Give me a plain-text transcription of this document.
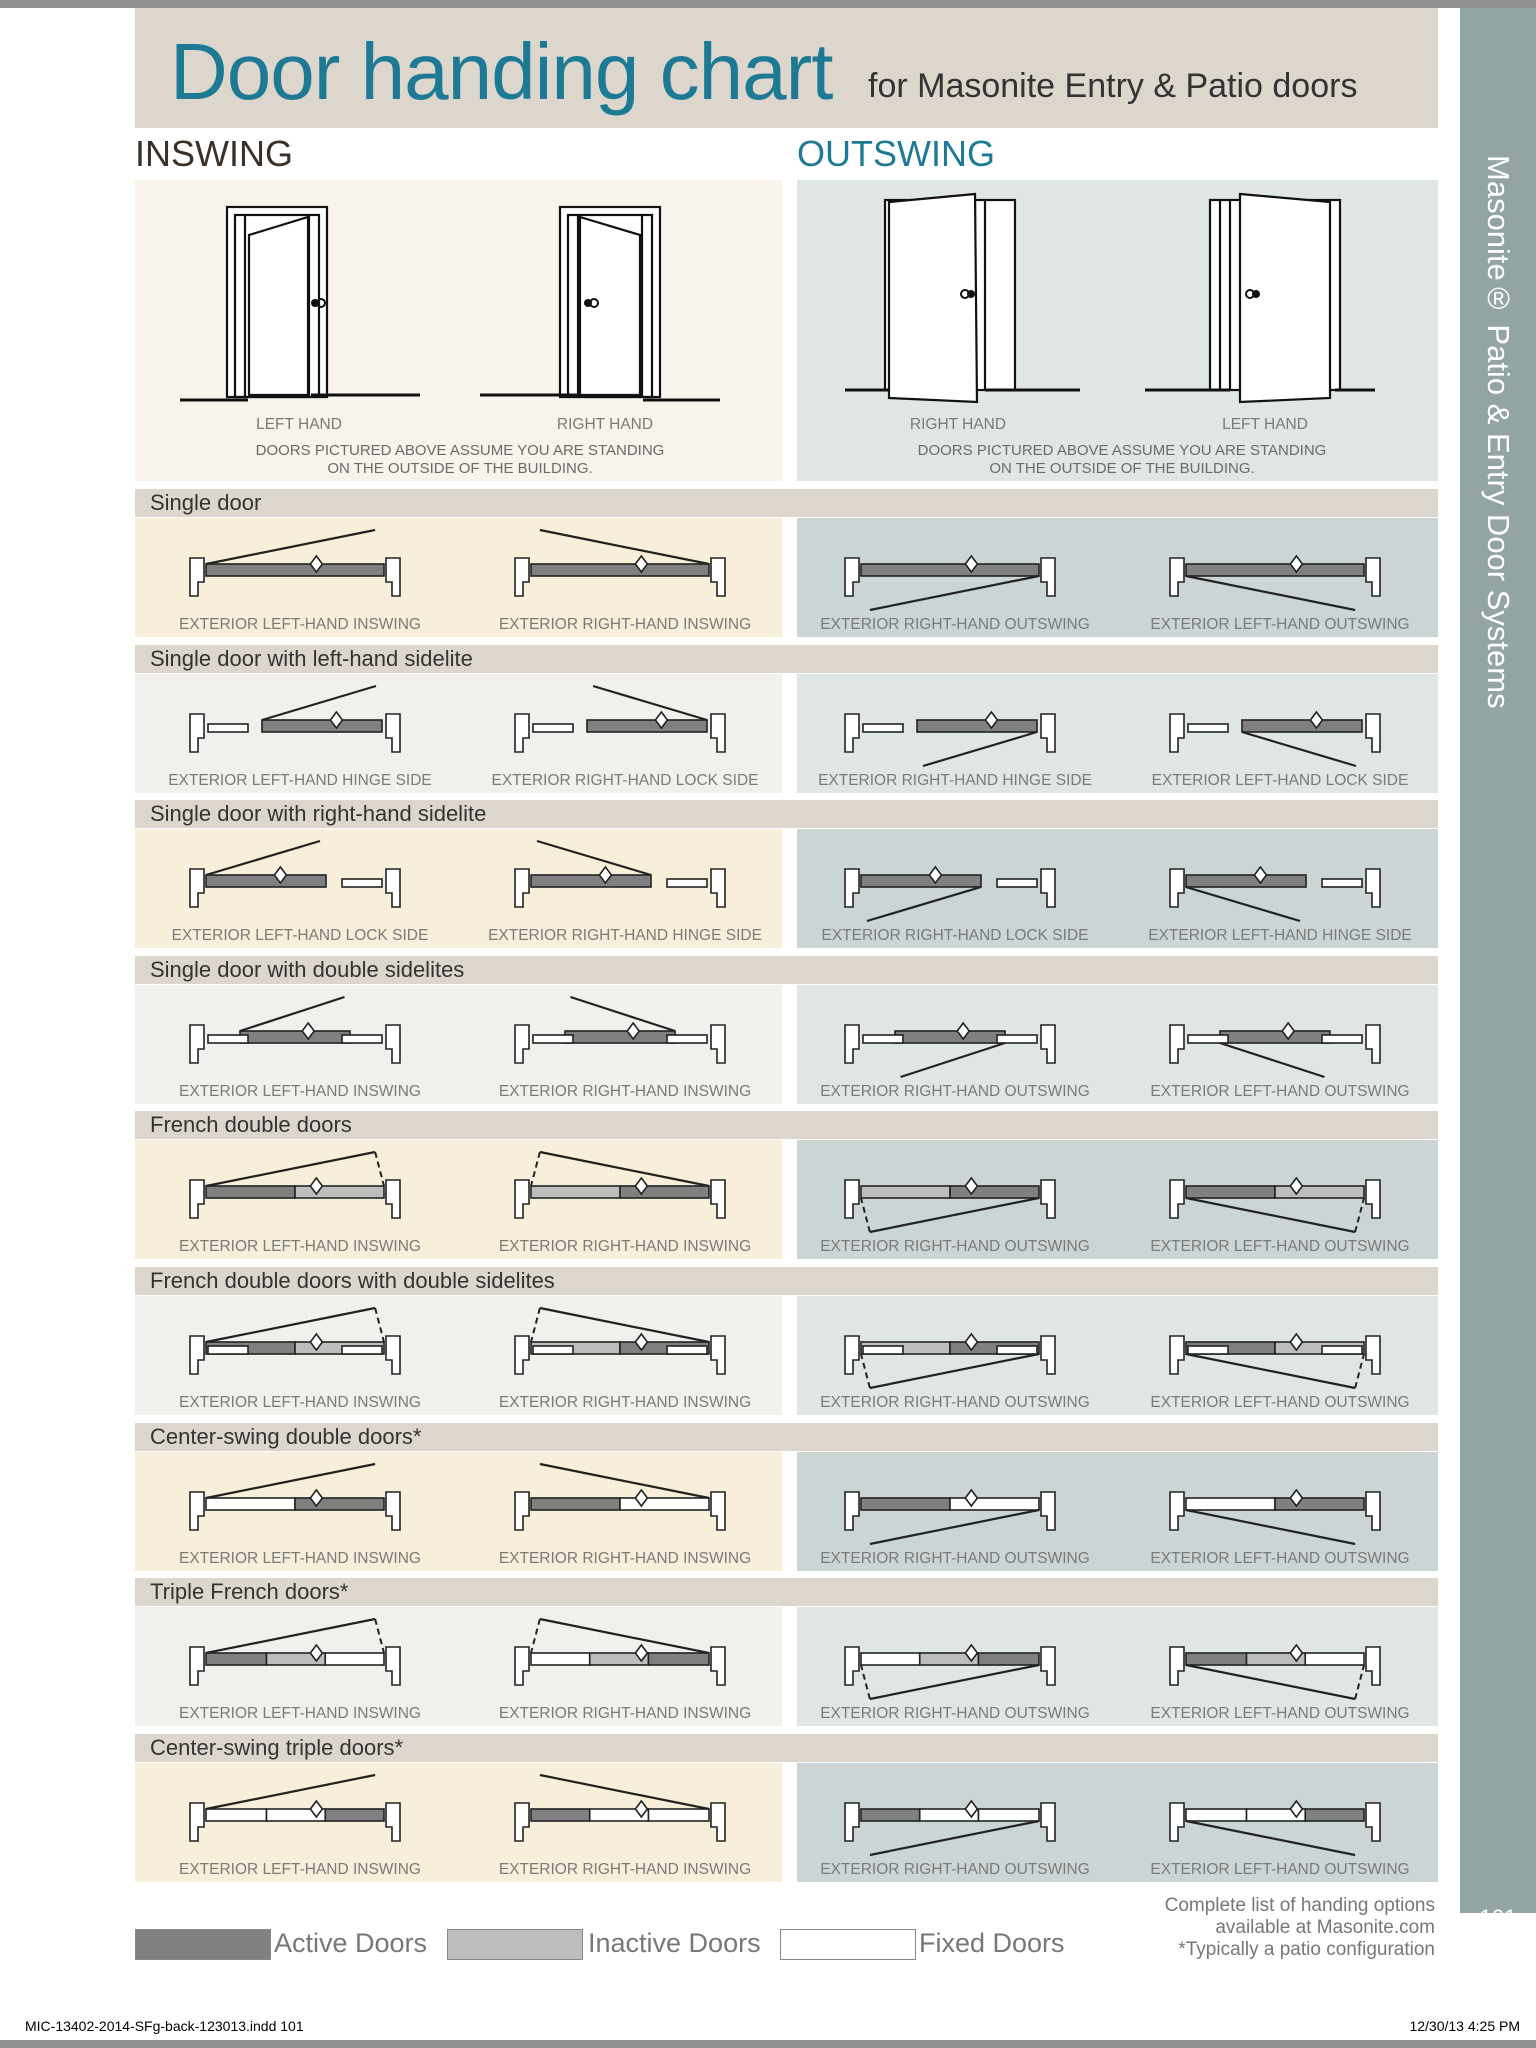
Door handing chart for Masonite Entry & Patio doors
Masonite® Patio & Entry Door Systems
101
INSWING	OUTSWING
LEFT HAND	RIGHT HAND	RIGHT HAND	LEFT HAND
DOORS PICTURED ABOVE ASSUME YOU ARE STANDING ON THE OUTSIDE OF THE BUILDING.
DOORS PICTURED ABOVE ASSUME YOU ARE STANDING ON THE OUTSIDE OF THE BUILDING.
Single door
EXTERIOR LEFT-HAND INSWING	EXTERIOR RIGHT-HAND INSWING	EXTERIOR RIGHT-HAND OUTSWING	EXTERIOR LEFT-HAND OUTSWING
Single door with left-hand sidelite
EXTERIOR LEFT-HAND HINGE SIDE	EXTERIOR RIGHT-HAND LOCK SIDE	EXTERIOR RIGHT-HAND HINGE SIDE	EXTERIOR LEFT-HAND LOCK SIDE
Single door with right-hand sidelite
EXTERIOR LEFT-HAND LOCK SIDE	EXTERIOR RIGHT-HAND HINGE SIDE	EXTERIOR RIGHT-HAND LOCK SIDE	EXTERIOR LEFT-HAND HINGE SIDE
Single door with double sidelites
EXTERIOR LEFT-HAND INSWING	EXTERIOR RIGHT-HAND INSWING	EXTERIOR RIGHT-HAND OUTSWING	EXTERIOR LEFT-HAND OUTSWING
French double doors
EXTERIOR LEFT-HAND INSWING	EXTERIOR RIGHT-HAND INSWING	EXTERIOR RIGHT-HAND OUTSWING	EXTERIOR LEFT-HAND OUTSWING
French double doors with double sidelites
EXTERIOR LEFT-HAND INSWING	EXTERIOR RIGHT-HAND INSWING	EXTERIOR RIGHT-HAND OUTSWING	EXTERIOR LEFT-HAND OUTSWING
Center-swing double doors*
EXTERIOR LEFT-HAND INSWING	EXTERIOR RIGHT-HAND INSWING	EXTERIOR RIGHT-HAND OUTSWING	EXTERIOR LEFT-HAND OUTSWING
Triple French doors*
EXTERIOR LEFT-HAND INSWING	EXTERIOR RIGHT-HAND INSWING	EXTERIOR RIGHT-HAND OUTSWING	EXTERIOR LEFT-HAND OUTSWING
Center-swing triple doors*
EXTERIOR LEFT-HAND INSWING	EXTERIOR RIGHT-HAND INSWING	EXTERIOR RIGHT-HAND OUTSWING	EXTERIOR LEFT-HAND OUTSWING
Active Doors	Inactive Doors	Fixed Doors
Complete list of handing options
available at Masonite.com
*Typically a patio configuration
MIC-13402-2014-SFg-back-123013.indd 101	12/30/13 4:25 PM
